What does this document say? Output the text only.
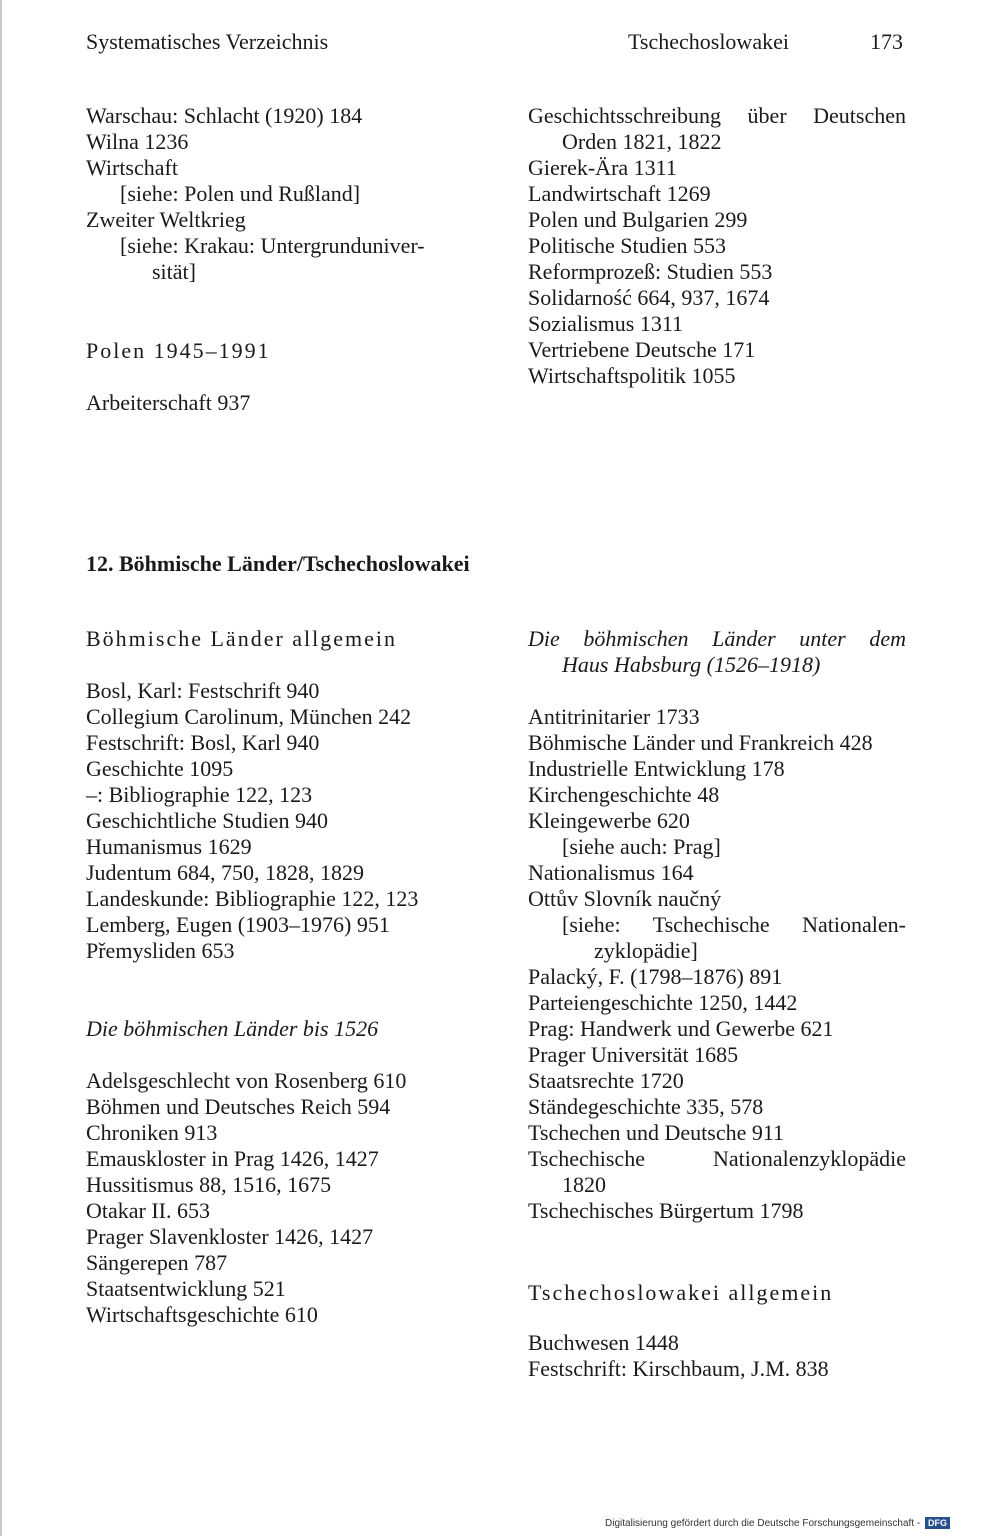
Systematisches Verzeichnis	Tschechoslowakei	173
Warschau: Schlacht (1920) 184
Wilna 1236
Wirtschaft
[siehe: Polen und Rußland]
Zweiter Weltkrieg
[siehe: Krakau: Untergrunduniver-
sität]
Polen 1945–1991
Arbeiterschaft 937
Geschichtsschreibung über Deutschen
Orden 1821, 1822
Gierek-Ära 1311
Landwirtschaft 1269
Polen und Bulgarien 299
Politische Studien 553
Reformprozeß: Studien 553
Solidarność 664, 937, 1674
Sozialismus 1311
Vertriebene Deutsche 171
Wirtschaftspolitik 1055
12. Böhmische Länder/Tschechoslowakei
Böhmische Länder allgemein
Bosl, Karl: Festschrift 940
Collegium Carolinum, München 242
Festschrift: Bosl, Karl 940
Geschichte 1095
–: Bibliographie 122, 123
Geschichtliche Studien 940
Humanismus 1629
Judentum 684, 750, 1828, 1829
Landeskunde: Bibliographie 122, 123
Lemberg, Eugen (1903–1976) 951
Přemysliden 653
Die böhmischen Länder bis 1526
Adelsgeschlecht von Rosenberg 610
Böhmen und Deutsches Reich 594
Chroniken 913
Emauskloster in Prag 1426, 1427
Hussitismus 88, 1516, 1675
Otakar II. 653
Prager Slavenkloster 1426, 1427
Sängerepen 787
Staatsentwicklung 521
Wirtschaftsgeschichte 610
Die böhmischen Länder unter dem
Haus Habsburg (1526–1918)
Antitrinitarier 1733
Böhmische Länder und Frankreich 428
Industrielle Entwicklung 178
Kirchengeschichte 48
Kleingewerbe 620
[siehe auch: Prag]
Nationalismus 164
Ottův Slovník naučný
[siehe: Tschechische Nationalen-
zyklopädie]
Palacký, F. (1798–1876) 891
Parteiengeschichte 1250, 1442
Prag: Handwerk und Gewerbe 621
Prager Universität 1685
Staatsrechte 1720
Ständegeschichte 335, 578
Tschechen und Deutsche 911
Tschechische Nationalenzyklopädie
1820
Tschechisches Bürgertum 1798
Tschechoslowakei allgemein
Buchwesen 1448
Festschrift: Kirschbaum, J.M. 838
Digitalisierung gefördert durch die Deutsche Forschungsgemeinschaft - DFG
